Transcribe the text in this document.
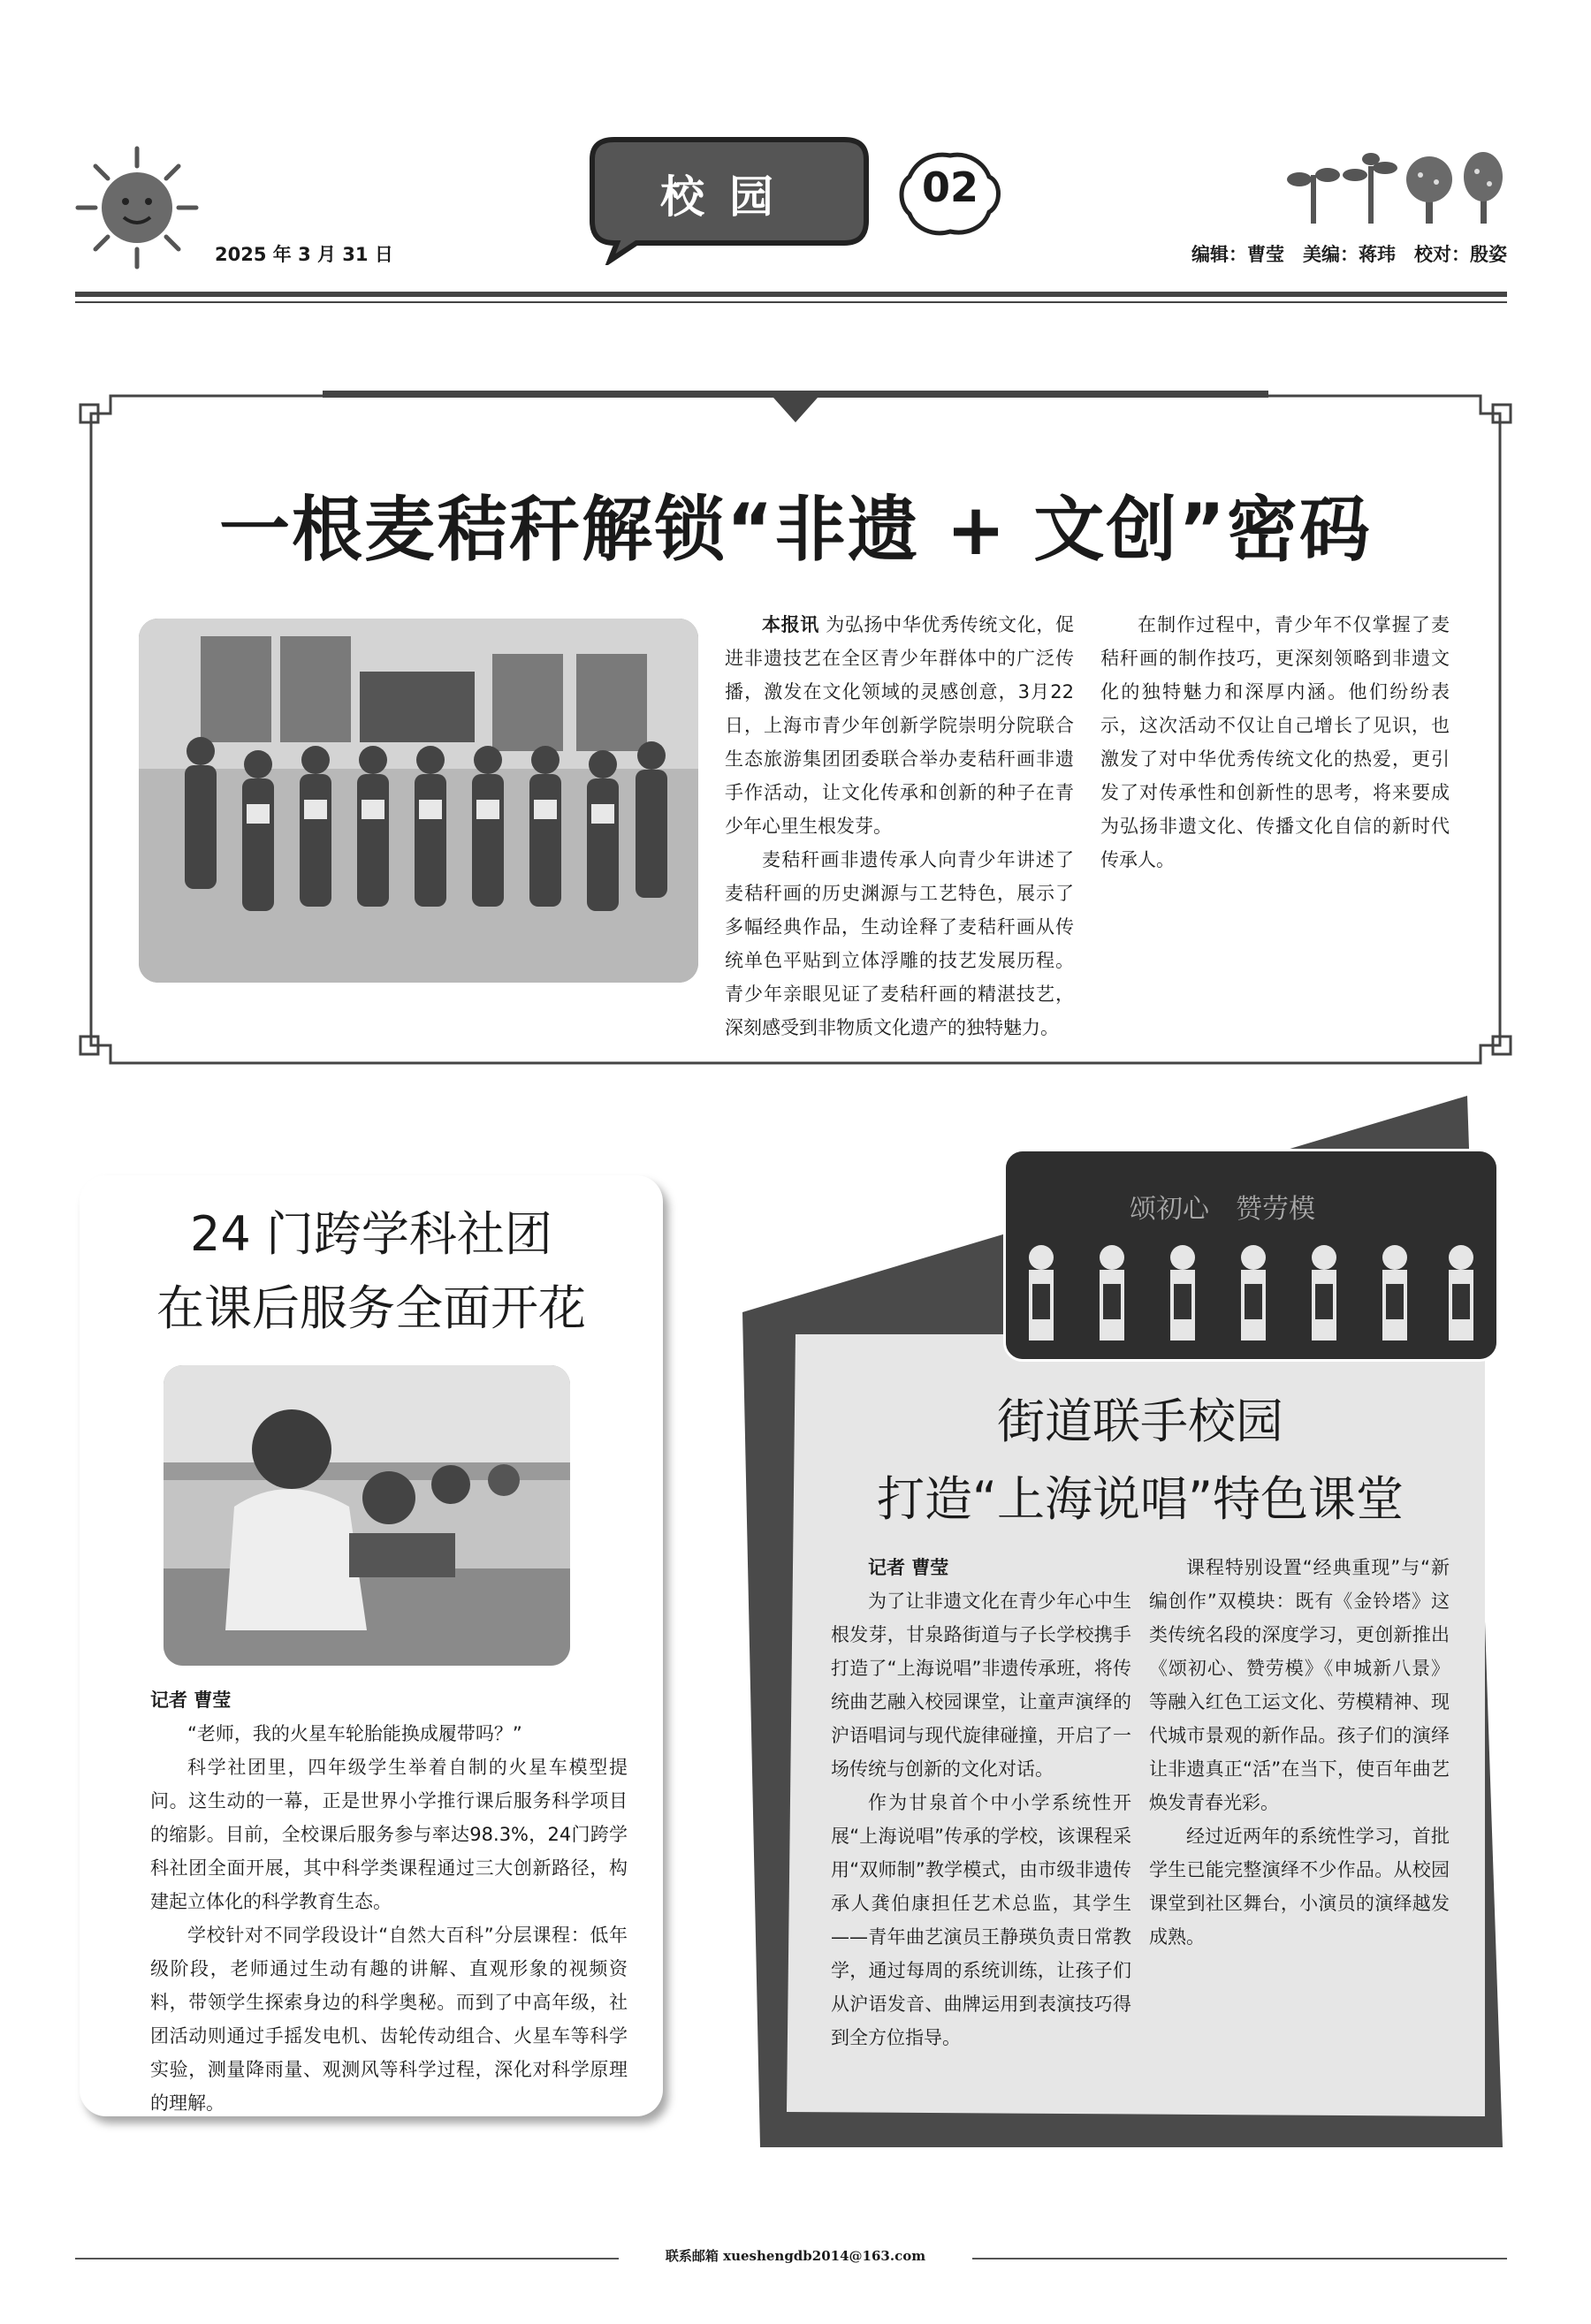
2025 年 3 月 31 日
校园	02
编辑：曹莹　美编：蒋玮　校对：殷姿
一根麦秸秆解锁“非遗 + 文创”密码

本报讯 为弘扬中华优秀传统文化，促进非遗技艺在全区青少年群体中的广泛传播，激发在文化领域的灵感创意，3月22日，上海市青少年创新学院崇明分院联合生态旅游集团团委联合举办麦秸秆画非遗手作活动，让文化传承和创新的种子在青少年心里生根发芽。

麦秸秆画非遗传承人向青少年讲述了麦秸秆画的历史渊源与工艺特色，展示了多幅经典作品，生动诠释了麦秸秆画从传统单色平贴到立体浮雕的技艺发展历程。青少年亲眼见证了麦秸秆画的精湛技艺，深刻感受到非物质文化遗产的独特魅力。

在制作过程中，青少年不仅掌握了麦秸秆画的制作技巧，更深刻领略到非遗文化的独特魅力和深厚内涵。他们纷纷表示，这次活动不仅让自己增长了见识，也激发了对中华优秀传统文化的热爱，更引发了对传承性和创新性的思考，将来要成为弘扬非遗文化、传播文化自信的新时代传承人。

24 门跨学科社团
在课后服务全面开花

记者 曹莹

“老师，我的火星车轮胎能换成履带吗？”

科学社团里，四年级学生举着自制的火星车模型提问。这生动的一幕，正是世界小学推行课后服务科学项目的缩影。目前，全校课后服务参与率达98.3%，24门跨学科社团全面开展，其中科学类课程通过三大创新路径，构建起立体化的科学教育生态。

学校针对不同学段设计“自然大百科”分层课程：低年级阶段，老师通过生动有趣的讲解、直观形象的视频资料，带领学生探索身边的科学奥秘。而到了中高年级，社团活动则通过手摇发电机、齿轮传动组合、火星车等科学实验，测量降雨量、观测风等科学过程，深化对科学原理的理解。

颂初心　赞劳模
街道联手校园
打造“上海说唱”特色课堂

记者 曹莹

为了让非遗文化在青少年心中生根发芽，甘泉路街道与子长学校携手打造了“上海说唱”非遗传承班，将传统曲艺融入校园课堂，让童声演绎的沪语唱词与现代旋律碰撞，开启了一场传统与创新的文化对话。

作为甘泉首个中小学系统性开展“上海说唱”传承的学校，该课程采用“双师制”教学模式，由市级非遗传承人龚伯康担任艺术总监，其学生——青年曲艺演员王静瑛负责日常教学，通过每周的系统训练，让孩子们从沪语发音、曲牌运用到表演技巧得到全方位指导。

课程特别设置“经典重现”与“新编创作”双模块：既有《金铃塔》这类传统名段的深度学习，更创新推出《颂初心、赞劳模》《申城新八景》等融入红色工运文化、劳模精神、现代城市景观的新作品。孩子们的演绎让非遗真正“活”在当下，使百年曲艺焕发青春光彩。

经过近两年的系统性学习，首批学生已能完整演绎不少作品。从校园课堂到社区舞台，小演员的演绎越发成熟。

联系邮箱 xueshengdb2014@163.com
